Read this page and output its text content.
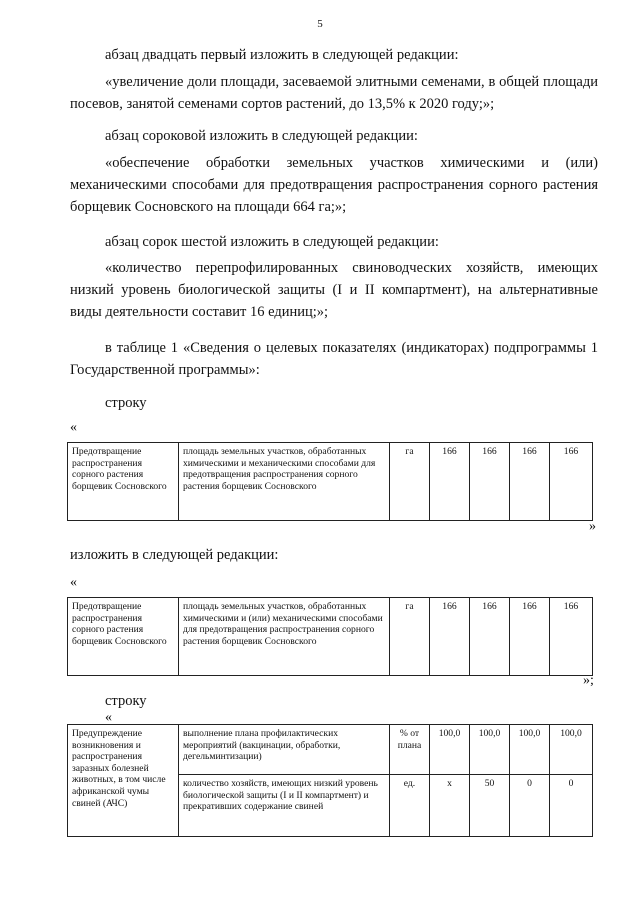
5
абзац двадцать первый изложить в следующей редакции:
«увеличение доли площади, засеваемой элитными семенами, в общей площади посевов, занятой семенами сортов растений, до 13,5% к 2020 году;»;
абзац сороковой изложить в следующей редакции:
«обеспечение обработки земельных участков химическими и (или) механическими способами для предотвращения распространения сорного растения борщевик Сосновского на площади 664 га;»;
абзац сорок шестой изложить в следующей редакции:
«количество перепрофилированных свиноводческих хозяйств, имеющих низкий уровень биологической защиты (I и II компартмент), на альтернативные виды деятельности составит 16 единиц;»;
в таблице 1 «Сведения о целевых показателях (индикаторах) подпрограммы 1 Государственной программы»:
строку
«
Предотвращение распространения сорного растения борщевик Сосновского	площадь земельных участков, обработанных химическими и механическими способами для предотвращения распространения сорного растения борщевик Сосновского	га	166	166	166	166
»
изложить в следующей редакции:
«
Предотвращение распространения сорного растения борщевик Сосновского	площадь земельных участков, обработанных химическими и (или) механическими способами для предотвращения распространения сорного растения борщевик Сосновского	га	166	166	166	166
»;
строку
«
Предупреждение возникновения и распространения заразных болезней животных, в том числе африканской чумы свиней (АЧС)	выполнение плана профилактических мероприятий (вакцинации, обработки, дегельминтизации)	% от плана	100,0	100,0	100,0	100,0
	количество хозяйств, имеющих низкий уровень биологической защиты (I и II компартмент) и прекративших содержание свиней	ед.	x	50	0	0
